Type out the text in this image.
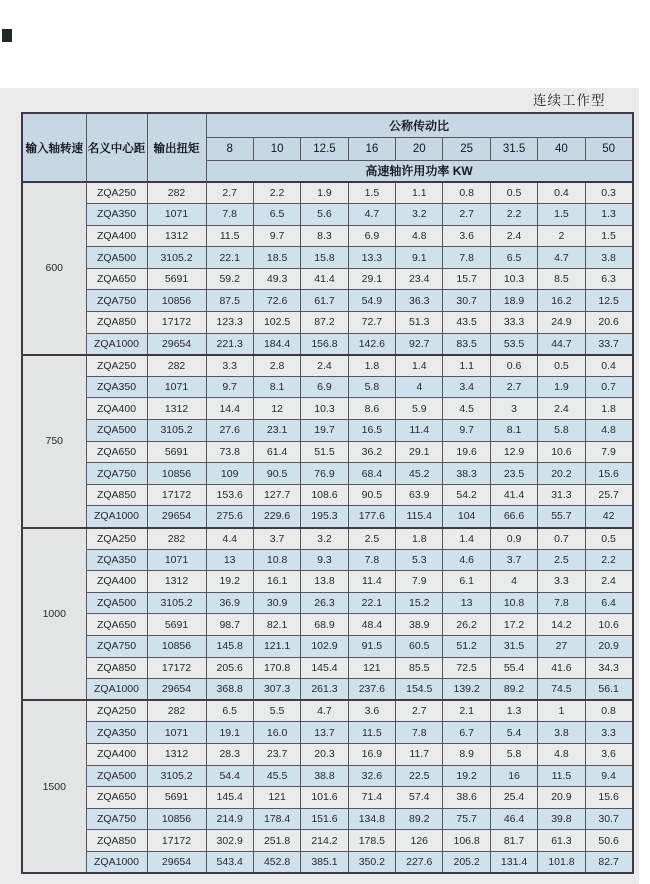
连续工作型
输入轴转速	名义中心距	输出扭矩	公称传动比								
			8	10	12.5	16	20	25	31.5	40	50
			高速轴许用功率 KW								
600	ZQA250	282	2.7	2.2	1.9	1.5	1.1	0.8	0.5	0.4	0.3
	ZQA350	1071	7.8	6.5	5.6	4.7	3.2	2.7	2.2	1.5	1.3
	ZQA400	1312	11.5	9.7	8.3	6.9	4.8	3.6	2.4	2	1.5
	ZQA500	3105.2	22.1	18.5	15.8	13.3	9.1	7.8	6.5	4.7	3.8
	ZQA650	5691	59.2	49.3	41.4	29.1	23.4	15.7	10.3	8.5	6.3
	ZQA750	10856	87.5	72.6	61.7	54.9	36.3	30.7	18.9	16.2	12.5
	ZQA850	17172	123.3	102.5	87.2	72.7	51.3	43.5	33.3	24.9	20.6
	ZQA1000	29654	221.3	184.4	156.8	142.6	92.7	83.5	53.5	44.7	33.7
750	ZQA250	282	3.3	2.8	2.4	1.8	1.4	1.1	0.6	0.5	0.4
	ZQA350	1071	9.7	8.1	6.9	5.8	4	3.4	2.7	1.9	0.7
	ZQA400	1312	14.4	12	10.3	8.6	5.9	4.5	3	2.4	1.8
	ZQA500	3105.2	27.6	23.1	19.7	16.5	11.4	9.7	8.1	5.8	4.8
	ZQA650	5691	73.8	61.4	51.5	36.2	29.1	19.6	12.9	10.6	7.9
	ZQA750	10856	109	90.5	76.9	68.4	45.2	38.3	23.5	20.2	15.6
	ZQA850	17172	153.6	127.7	108.6	90.5	63.9	54.2	41.4	31.3	25.7
	ZQA1000	29654	275.6	229.6	195.3	177.6	115.4	104	66.6	55.7	42
1000	ZQA250	282	4.4	3.7	3.2	2.5	1.8	1.4	0.9	0.7	0.5
	ZQA350	1071	13	10.8	9.3	7.8	5.3	4.6	3.7	2.5	2.2
	ZQA400	1312	19.2	16.1	13.8	11.4	7.9	6.1	4	3.3	2.4
	ZQA500	3105.2	36.9	30.9	26.3	22.1	15.2	13	10.8	7.8	6.4
	ZQA650	5691	98.7	82.1	68.9	48.4	38.9	26.2	17.2	14.2	10.6
	ZQA750	10856	145.8	121.1	102.9	91.5	60.5	51.2	31.5	27	20.9
	ZQA850	17172	205.6	170.8	145.4	121	85.5	72.5	55.4	41.6	34.3
	ZQA1000	29654	368.8	307.3	261.3	237.6	154.5	139.2	89.2	74.5	56.1
1500	ZQA250	282	6.5	5.5	4.7	3.6	2.7	2.1	1.3	1	0.8
	ZQA350	1071	19.1	16.0	13.7	11.5	7.8	6.7	5.4	3.8	3.3
	ZQA400	1312	28.3	23.7	20.3	16.9	11.7	8.9	5.8	4.8	3.6
	ZQA500	3105.2	54.4	45.5	38.8	32.6	22.5	19.2	16	11.5	9.4
	ZQA650	5691	145.4	121	101.6	71.4	57.4	38.6	25.4	20.9	15.6
	ZQA750	10856	214.9	178.4	151.6	134.8	89.2	75.7	46.4	39.8	30.7
	ZQA850	17172	302.9	251.8	214.2	178.5	126	106.8	81.7	61.3	50.6
	ZQA1000	29654	543.4	452.8	385.1	350.2	227.6	205.2	131.4	101.8	82.7
